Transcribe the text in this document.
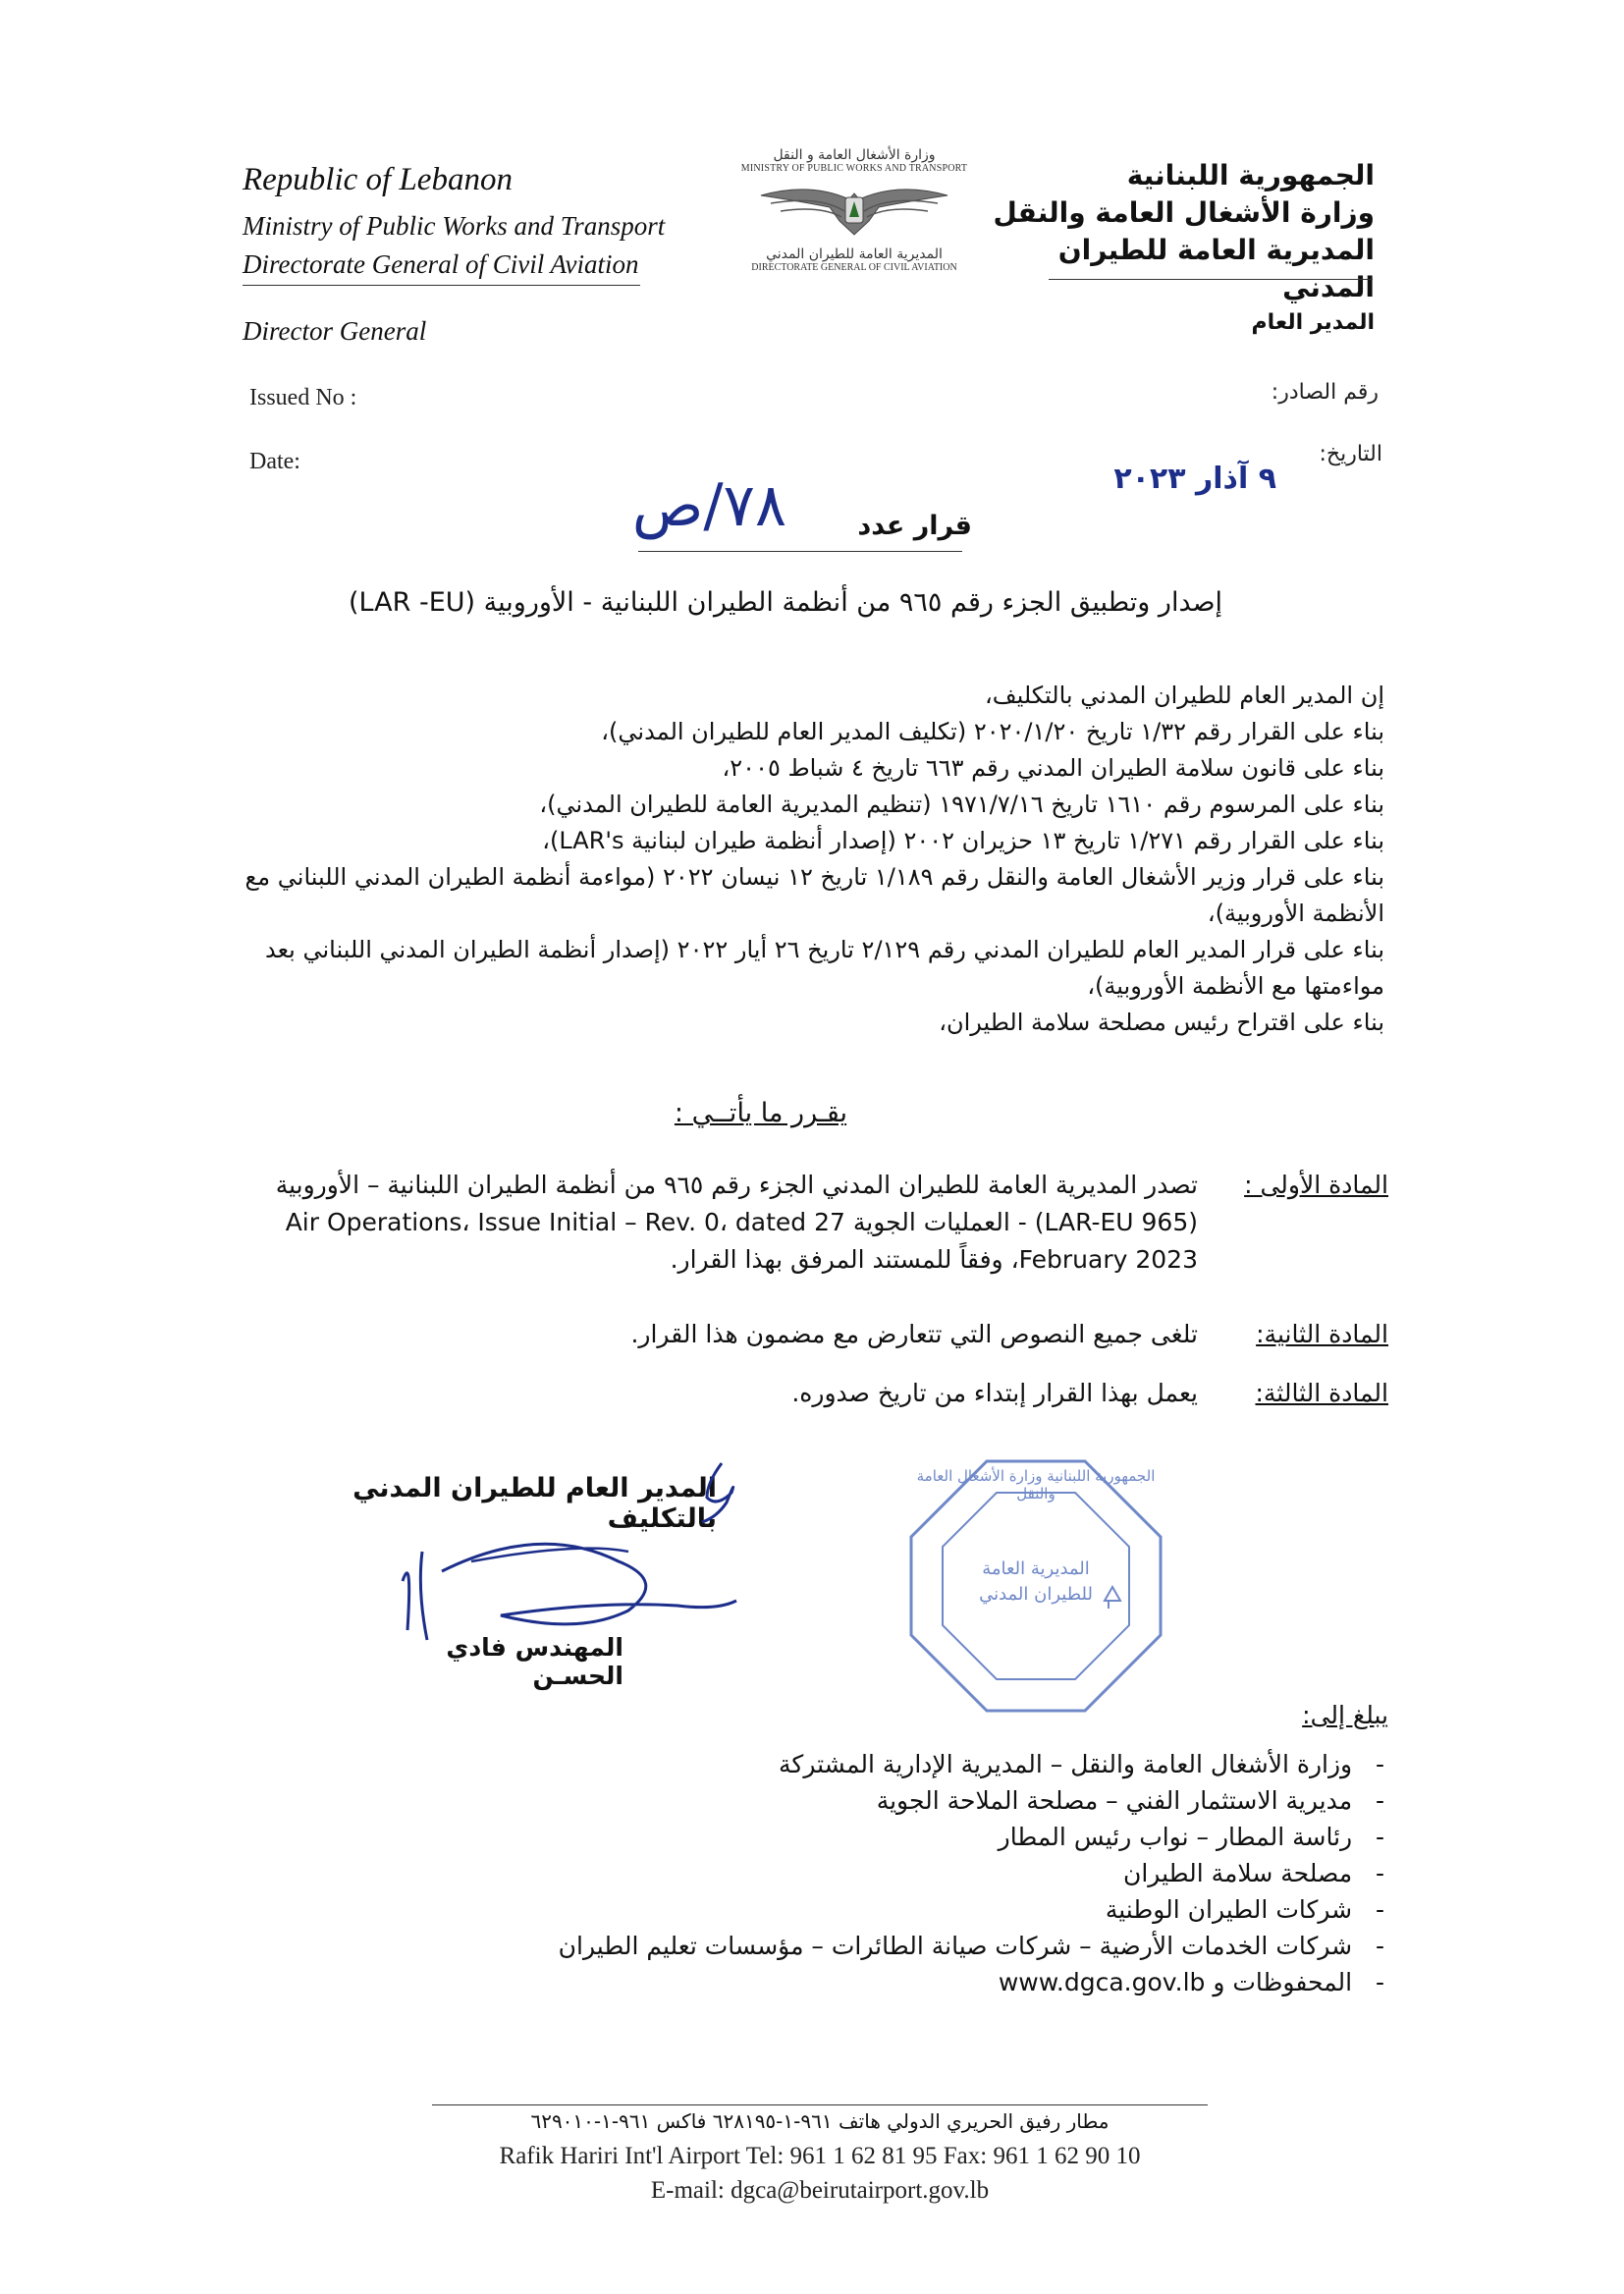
Republic of Lebanon
Ministry of Public Works and Transport
Directorate General of Civil Aviation
Director General
Issued No :
Date:
وزارة الأشغال العامة و النقل
MINISTRY OF PUBLIC WORKS AND TRANSPORT
المديرية العامة للطيران المدني
DIRECTORATE GENERAL OF CIVIL AVIATION
الجمهورية اللبنانية
وزارة الأشغال العامة والنقل
المديرية العامة للطيران المدني
المدير العام
رقم الصادر:
التاريخ:
٩ آذار ٢٠٢٣
٧٨/ص	قرار عدد
إصدار وتطبيق الجزء رقم ٩٦٥ من أنظمة الطيران اللبنانية - الأوروبية (LAR -EU)
إن المدير العام للطيران المدني بالتكليف،
بناء على القرار رقم ١/٣٢ تاريخ ٢٠٢٠/١/٢٠ (تكليف المدير العام للطيران المدني)،
بناء على قانون سلامة الطيران المدني رقم ٦٦٣ تاريخ ٤ شباط ٢٠٠٥،
بناء على المرسوم رقم ١٦١٠ تاريخ ١٩٧١/٧/١٦ (تنظيم المديرية العامة للطيران المدني)،
بناء على القرار رقم ١/٢٧١ تاريخ ١٣ حزيران ٢٠٠٢ (إصدار أنظمة طيران لبنانية LAR's)،
بناء على قرار وزير الأشغال العامة والنقل رقم ١/١٨٩ تاريخ ١٢ نيسان ٢٠٢٢ (مواءمة أنظمة الطيران المدني اللبناني مع الأنظمة الأوروبية)،
بناء على قرار المدير العام للطيران المدني رقم ٢/١٢٩ تاريخ ٢٦ أيار ٢٠٢٢ (إصدار أنظمة الطيران المدني اللبناني بعد مواءمتها مع الأنظمة الأوروبية)،
بناء على اقتراح رئيس مصلحة سلامة الطيران،
يقـرر ما يأتــي :
المادة الأولى :
تصدر المديرية العامة للطيران المدني الجزء رقم ٩٦٥ من أنظمة الطيران اللبنانية – الأوروبية (LAR-EU 965) - العمليات الجوية Air Operations، Issue Initial – Rev. 0، dated 27 February 2023، وفقاً للمستند المرفق بهذا القرار.
المادة الثانية:
تلغى جميع النصوص التي تتعارض مع مضمون هذا القرار.
المادة الثالثة:
يعمل بهذا القرار إبتداء من تاريخ صدوره.
المدير العام للطيران المدني بالتكليف
المهندس فادي الحسـن
الجمهورية اللبنانية وزارة الأشغال العامة والنقل
المديرية العامة للطيران المدني
يبلغ إلى:
-   وزارة الأشغال العامة والنقل – المديرية الإدارية المشتركة
-   مديرية الاستثمار الفني – مصلحة الملاحة الجوية
-   رئاسة المطار – نواب رئيس المطار
-   مصلحة سلامة الطيران
-   شركات الطيران الوطنية
-   شركات الخدمات الأرضية – شركات صيانة الطائرات – مؤسسات تعليم الطيران
-   المحفوظات و www.dgca.gov.lb
مطار رفيق الحريري الدولي هاتف ٩٦١-١-٦٢٨١٩٥ فاكس ٩٦١-١-٦٢٩٠١٠
Rafik Hariri Int'l Airport Tel: 961 1 62 81 95 Fax: 961 1 62 90 10
E-mail: dgca@beirutairport.gov.lb
